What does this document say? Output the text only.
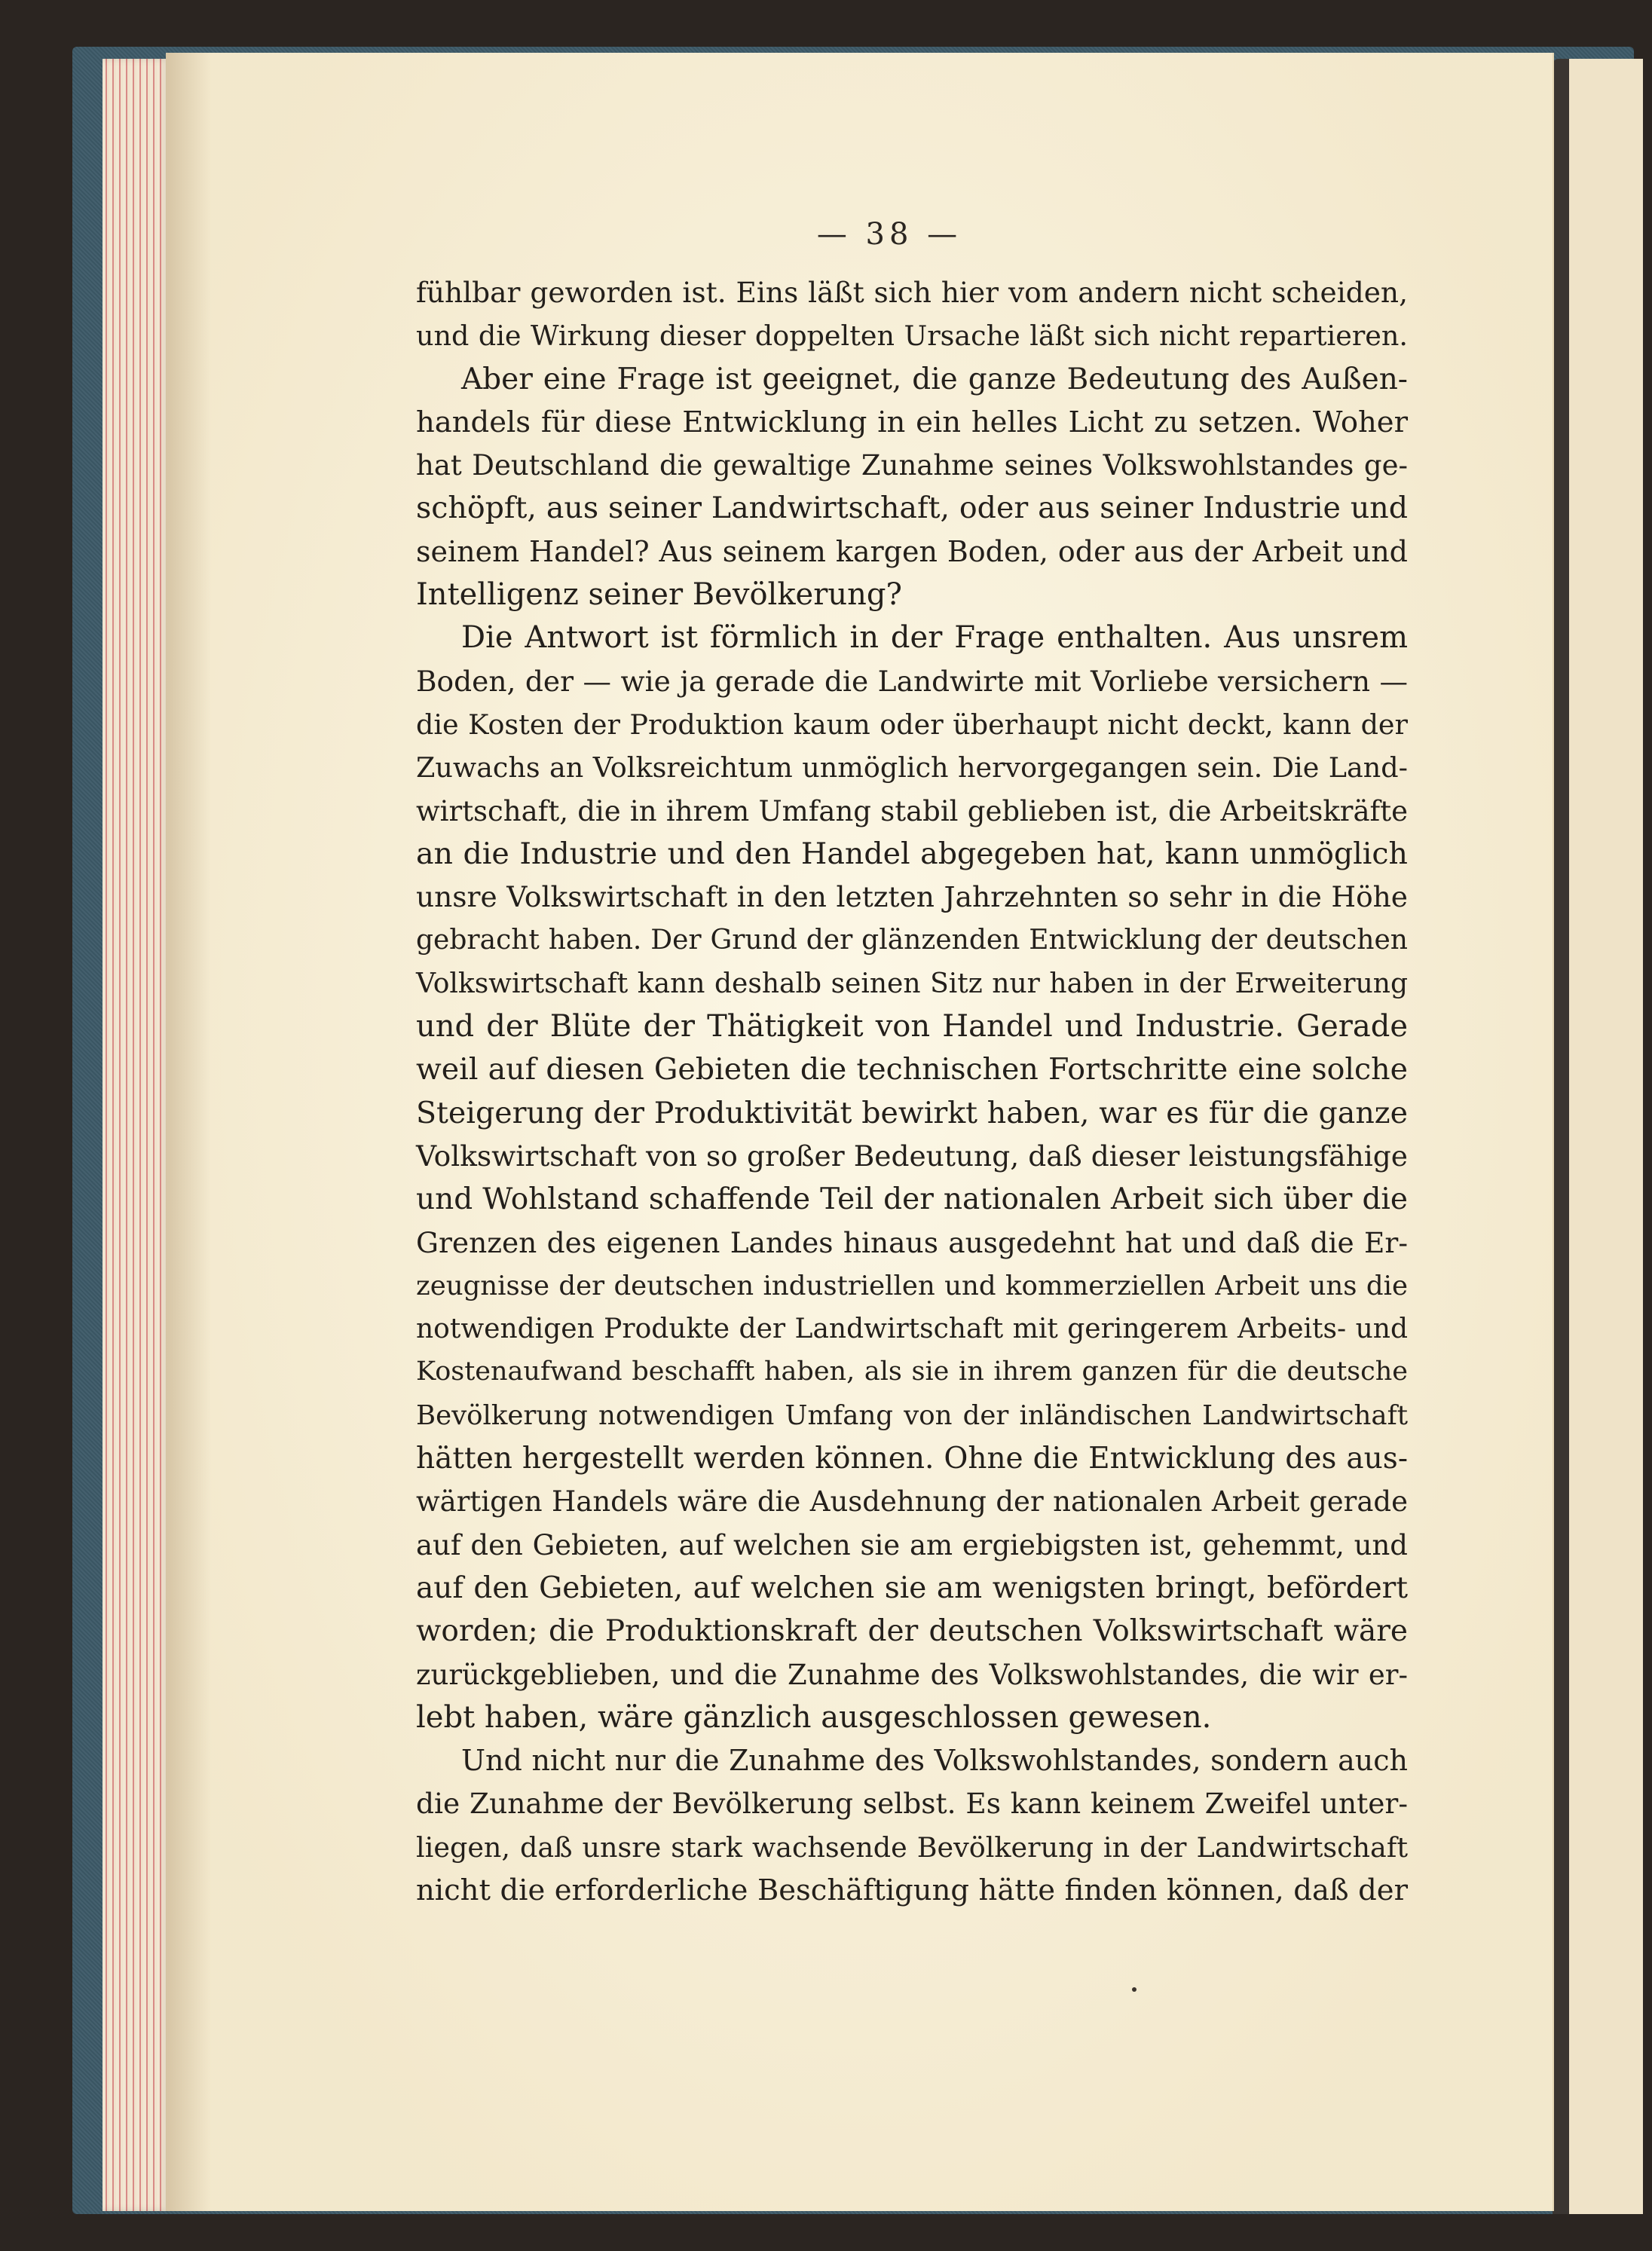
— 38 —

fühlbar geworden ist. Eins läßt sich hier vom andern nicht scheiden,

und die Wirkung dieser doppelten Ursache läßt sich nicht repartieren.

Aber eine Frage ist geeignet, die ganze Bedeutung des Außen-

handels für diese Entwicklung in ein helles Licht zu setzen. Woher

hat Deutschland die gewaltige Zunahme seines Volkswohlstandes ge-

schöpft, aus seiner Landwirtschaft, oder aus seiner Industrie und

seinem Handel? Aus seinem kargen Boden, oder aus der Arbeit und

Intelligenz seiner Bevölkerung?

Die Antwort ist förmlich in der Frage enthalten. Aus unsrem

Boden, der — wie ja gerade die Landwirte mit Vorliebe versichern —

die Kosten der Produktion kaum oder überhaupt nicht deckt, kann der

Zuwachs an Volksreichtum unmöglich hervorgegangen sein. Die Land-

wirtschaft, die in ihrem Umfang stabil geblieben ist, die Arbeitskräfte

an die Industrie und den Handel abgegeben hat, kann unmöglich

unsre Volkswirtschaft in den letzten Jahrzehnten so sehr in die Höhe

gebracht haben. Der Grund der glänzenden Entwicklung der deutschen

Volkswirtschaft kann deshalb seinen Sitz nur haben in der Erweiterung

und der Blüte der Thätigkeit von Handel und Industrie. Gerade

weil auf diesen Gebieten die technischen Fortschritte eine solche

Steigerung der Produktivität bewirkt haben, war es für die ganze

Volkswirtschaft von so großer Bedeutung, daß dieser leistungsfähige

und Wohlstand schaffende Teil der nationalen Arbeit sich über die

Grenzen des eigenen Landes hinaus ausgedehnt hat und daß die Er-

zeugnisse der deutschen industriellen und kommerziellen Arbeit uns die

notwendigen Produkte der Landwirtschaft mit geringerem Arbeits- und

Kostenaufwand beschafft haben, als sie in ihrem ganzen für die deutsche

Bevölkerung notwendigen Umfang von der inländischen Landwirtschaft

hätten hergestellt werden können. Ohne die Entwicklung des aus-

wärtigen Handels wäre die Ausdehnung der nationalen Arbeit gerade

auf den Gebieten, auf welchen sie am ergiebigsten ist, gehemmt, und

auf den Gebieten, auf welchen sie am wenigsten bringt, befördert

worden; die Produktionskraft der deutschen Volkswirtschaft wäre

zurückgeblieben, und die Zunahme des Volkswohlstandes, die wir er-

lebt haben, wäre gänzlich ausgeschlossen gewesen.

Und nicht nur die Zunahme des Volkswohlstandes, sondern auch

die Zunahme der Bevölkerung selbst. Es kann keinem Zweifel unter-

liegen, daß unsre stark wachsende Bevölkerung in der Landwirtschaft

nicht die erforderliche Beschäftigung hätte finden können, daß der
